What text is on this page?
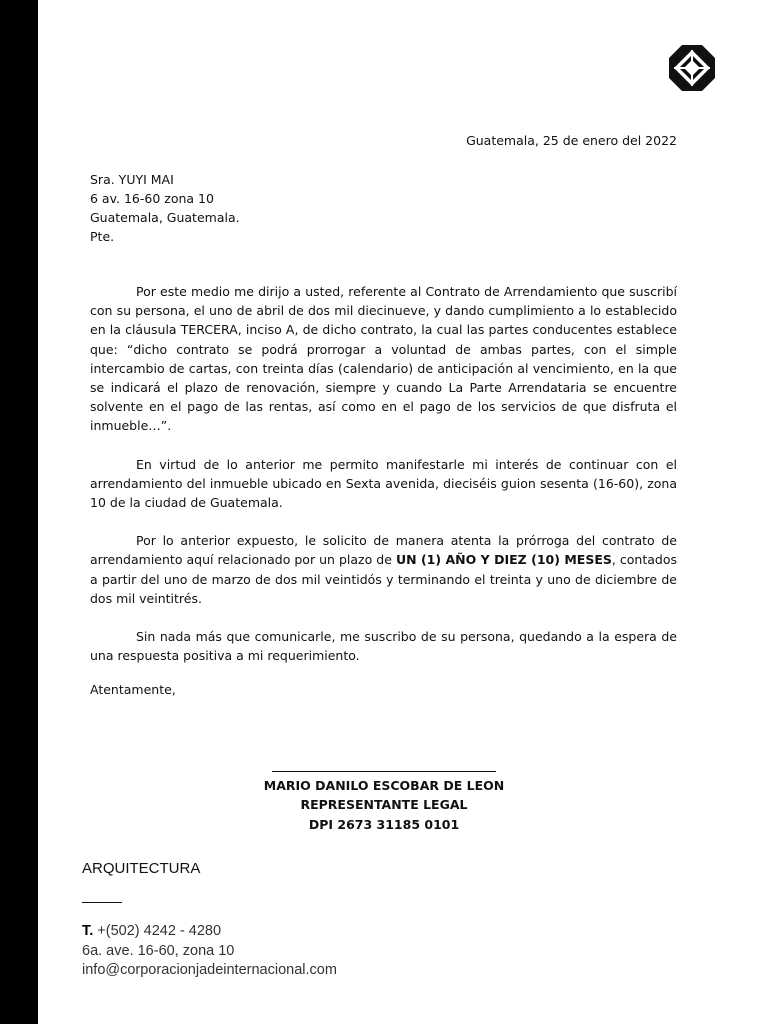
Guatemala, 25 de enero del 2022
Sra. YUYI MAI
6 av. 16-60 zona 10
Guatemala, Guatemala.
Pte.

Por este medio me dirijo a usted, referente al Contrato de Arrendamiento que suscribí con su persona, el uno de abril de dos mil diecinueve, y dando cumplimiento a lo establecido en la cláusula TERCERA, inciso A, de dicho contrato, la cual las partes conducentes establece que: “dicho contrato se podrá prorrogar a voluntad de ambas partes, con el simple intercambio de cartas, con treinta días (calendario) de anticipación al vencimiento, en la que se indicará el plazo de renovación, siempre y cuando La Parte Arrendataria se encuentre solvente en el pago de las rentas, así como en el pago de los servicios de que disfruta el inmueble…”.

En virtud de lo anterior me permito manifestarle mi interés de continuar con el arrendamiento del inmueble ubicado en Sexta avenida, dieciséis guion sesenta (16-60), zona 10 de la ciudad de Guatemala.

Por lo anterior expuesto, le solicito de manera atenta la prórroga del contrato de arrendamiento aquí relacionado por un plazo de UN (1) AÑO Y DIEZ (10) MESES, contados a partir del uno de marzo de dos mil veintidós y terminando el treinta y uno de diciembre de dos mil veintitrés.

Sin nada más que comunicarle, me suscribo de su persona, quedando a la espera de una respuesta positiva a mi requerimiento.

Atentamente,
MARIO DANILO ESCOBAR DE LEON
REPRESENTANTE LEGAL
DPI 2673 31185 0101
ARQUITECTURA
T. +(502) 4242 - 4280
6a. ave. 16-60, zona 10
info@corporacionjadeinternacional.com
